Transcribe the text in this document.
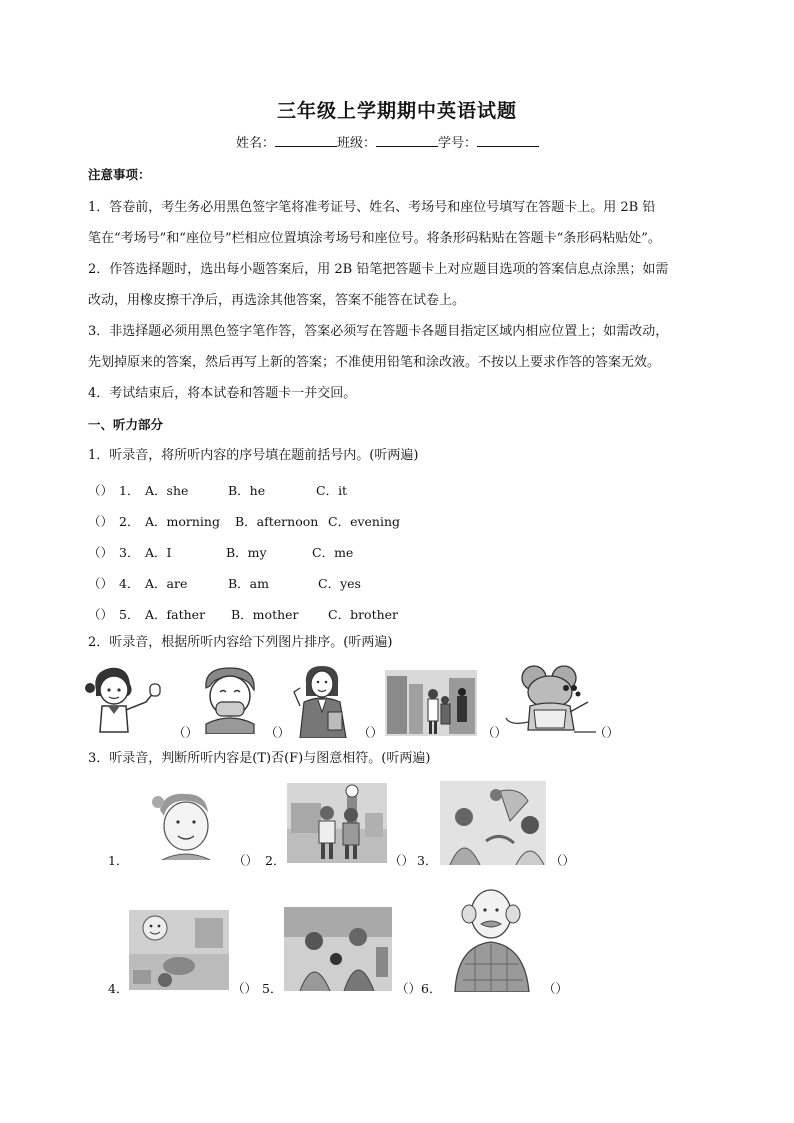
三年级上学期期中英语试题
姓名：	班级：	学号：
注意事项：
1．答卷前，考生务必用黑色签字笔将准考证号、姓名、考场号和座位号填写在答题卡上。用 2B 铅
笔在“考场号”和“座位号”栏相应位置填涂考场号和座位号。将条形码粘贴在答题卡“条形码粘贴处”。
2．作答选择题时，选出每小题答案后，用 2B 铅笔把答题卡上对应题目选项的答案信息点涂黑；如需
改动，用橡皮擦干净后，再选涂其他答案，答案不能答在试卷上。
3．非选择题必须用黑色签字笔作答，答案必须写在答题卡各题目指定区域内相应位置上；如需改动，
先划掉原来的答案，然后再写上新的答案；不准使用铅笔和涂改液。不按以上要求作答的答案无效。
4．考试结束后，将本试卷和答题卡一并交回。
一、听力部分
1．听录音，将所听内容的序号填在题前括号内。(听两遍)
（） 1． A．she	B．he	C．it
（） 2． A．morning B．afternoon C．evening
（） 3． A．I	B．my	C．me
（） 4． A．are	B．am	C．yes
（） 5． A．father B．mother C．brother
2．听录音，根据所听内容给下列图片排序。(听两遍)
（）	（）	（）	（）	（）
3．听录音，判断所听内容是(T)否(F)与图意相符。(听两遍)
1．	（） 2．	（） 3．	（）
4．	（） 5．	（） 6．	（）
